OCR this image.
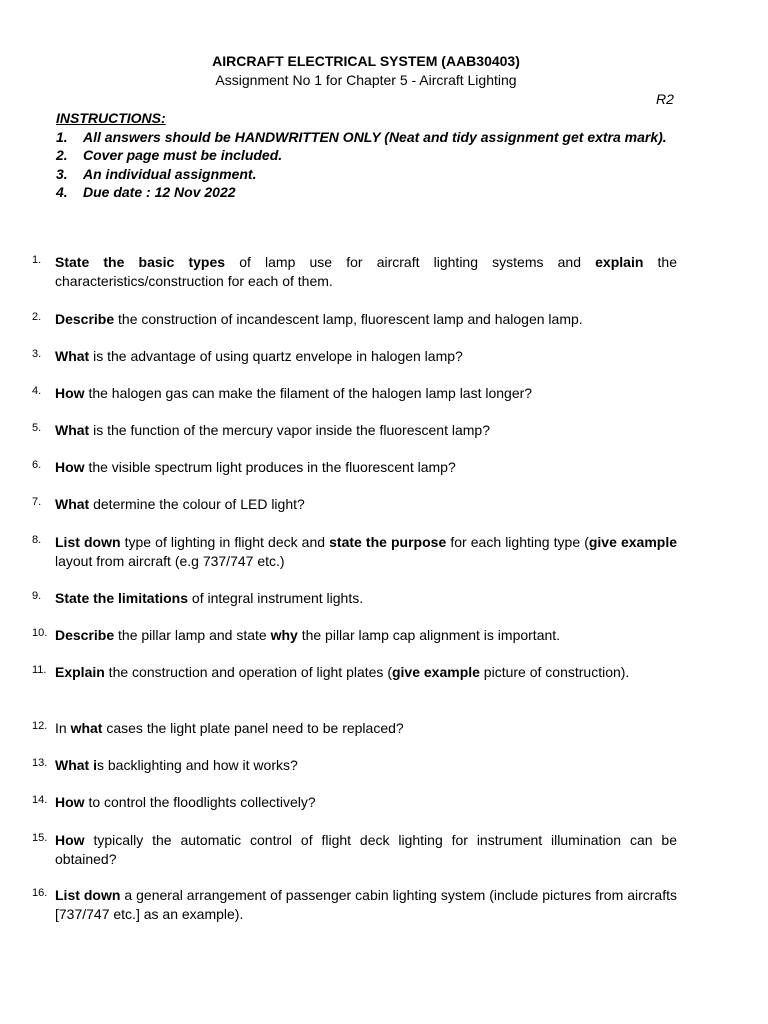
AIRCRAFT ELECTRICAL SYSTEM (AAB30403)
Assignment No 1 for Chapter 5 - Aircraft Lighting
R2
INSTRUCTIONS:
1. All answers should be HANDWRITTEN ONLY (Neat and tidy assignment get extra mark).
2. Cover page must be included.
3. An individual assignment.
4. Due date : 12 Nov 2022
1. State the basic types of lamp use for aircraft lighting systems and explain the characteristics/construction for each of them.
2. Describe the construction of incandescent lamp, fluorescent lamp and halogen lamp.
3. What is the advantage of using quartz envelope in halogen lamp?
4. How the halogen gas can make the filament of the halogen lamp last longer?
5. What is the function of the mercury vapor inside the fluorescent lamp?
6. How the visible spectrum light produces in the fluorescent lamp?
7. What determine the colour of LED light?
8. List down type of lighting in flight deck and state the purpose for each lighting type (give example layout from aircraft (e.g 737/747 etc.)
9. State the limitations of integral instrument lights.
10. Describe the pillar lamp and state why the pillar lamp cap alignment is important.
11. Explain the construction and operation of light plates (give example picture of construction).
12. In what cases the light plate panel need to be replaced?
13. What is backlighting and how it works?
14. How to control the floodlights collectively?
15. How typically the automatic control of flight deck lighting for instrument illumination can be obtained?
16. List down a general arrangement of passenger cabin lighting system (include pictures from aircrafts [737/747 etc.] as an example).
